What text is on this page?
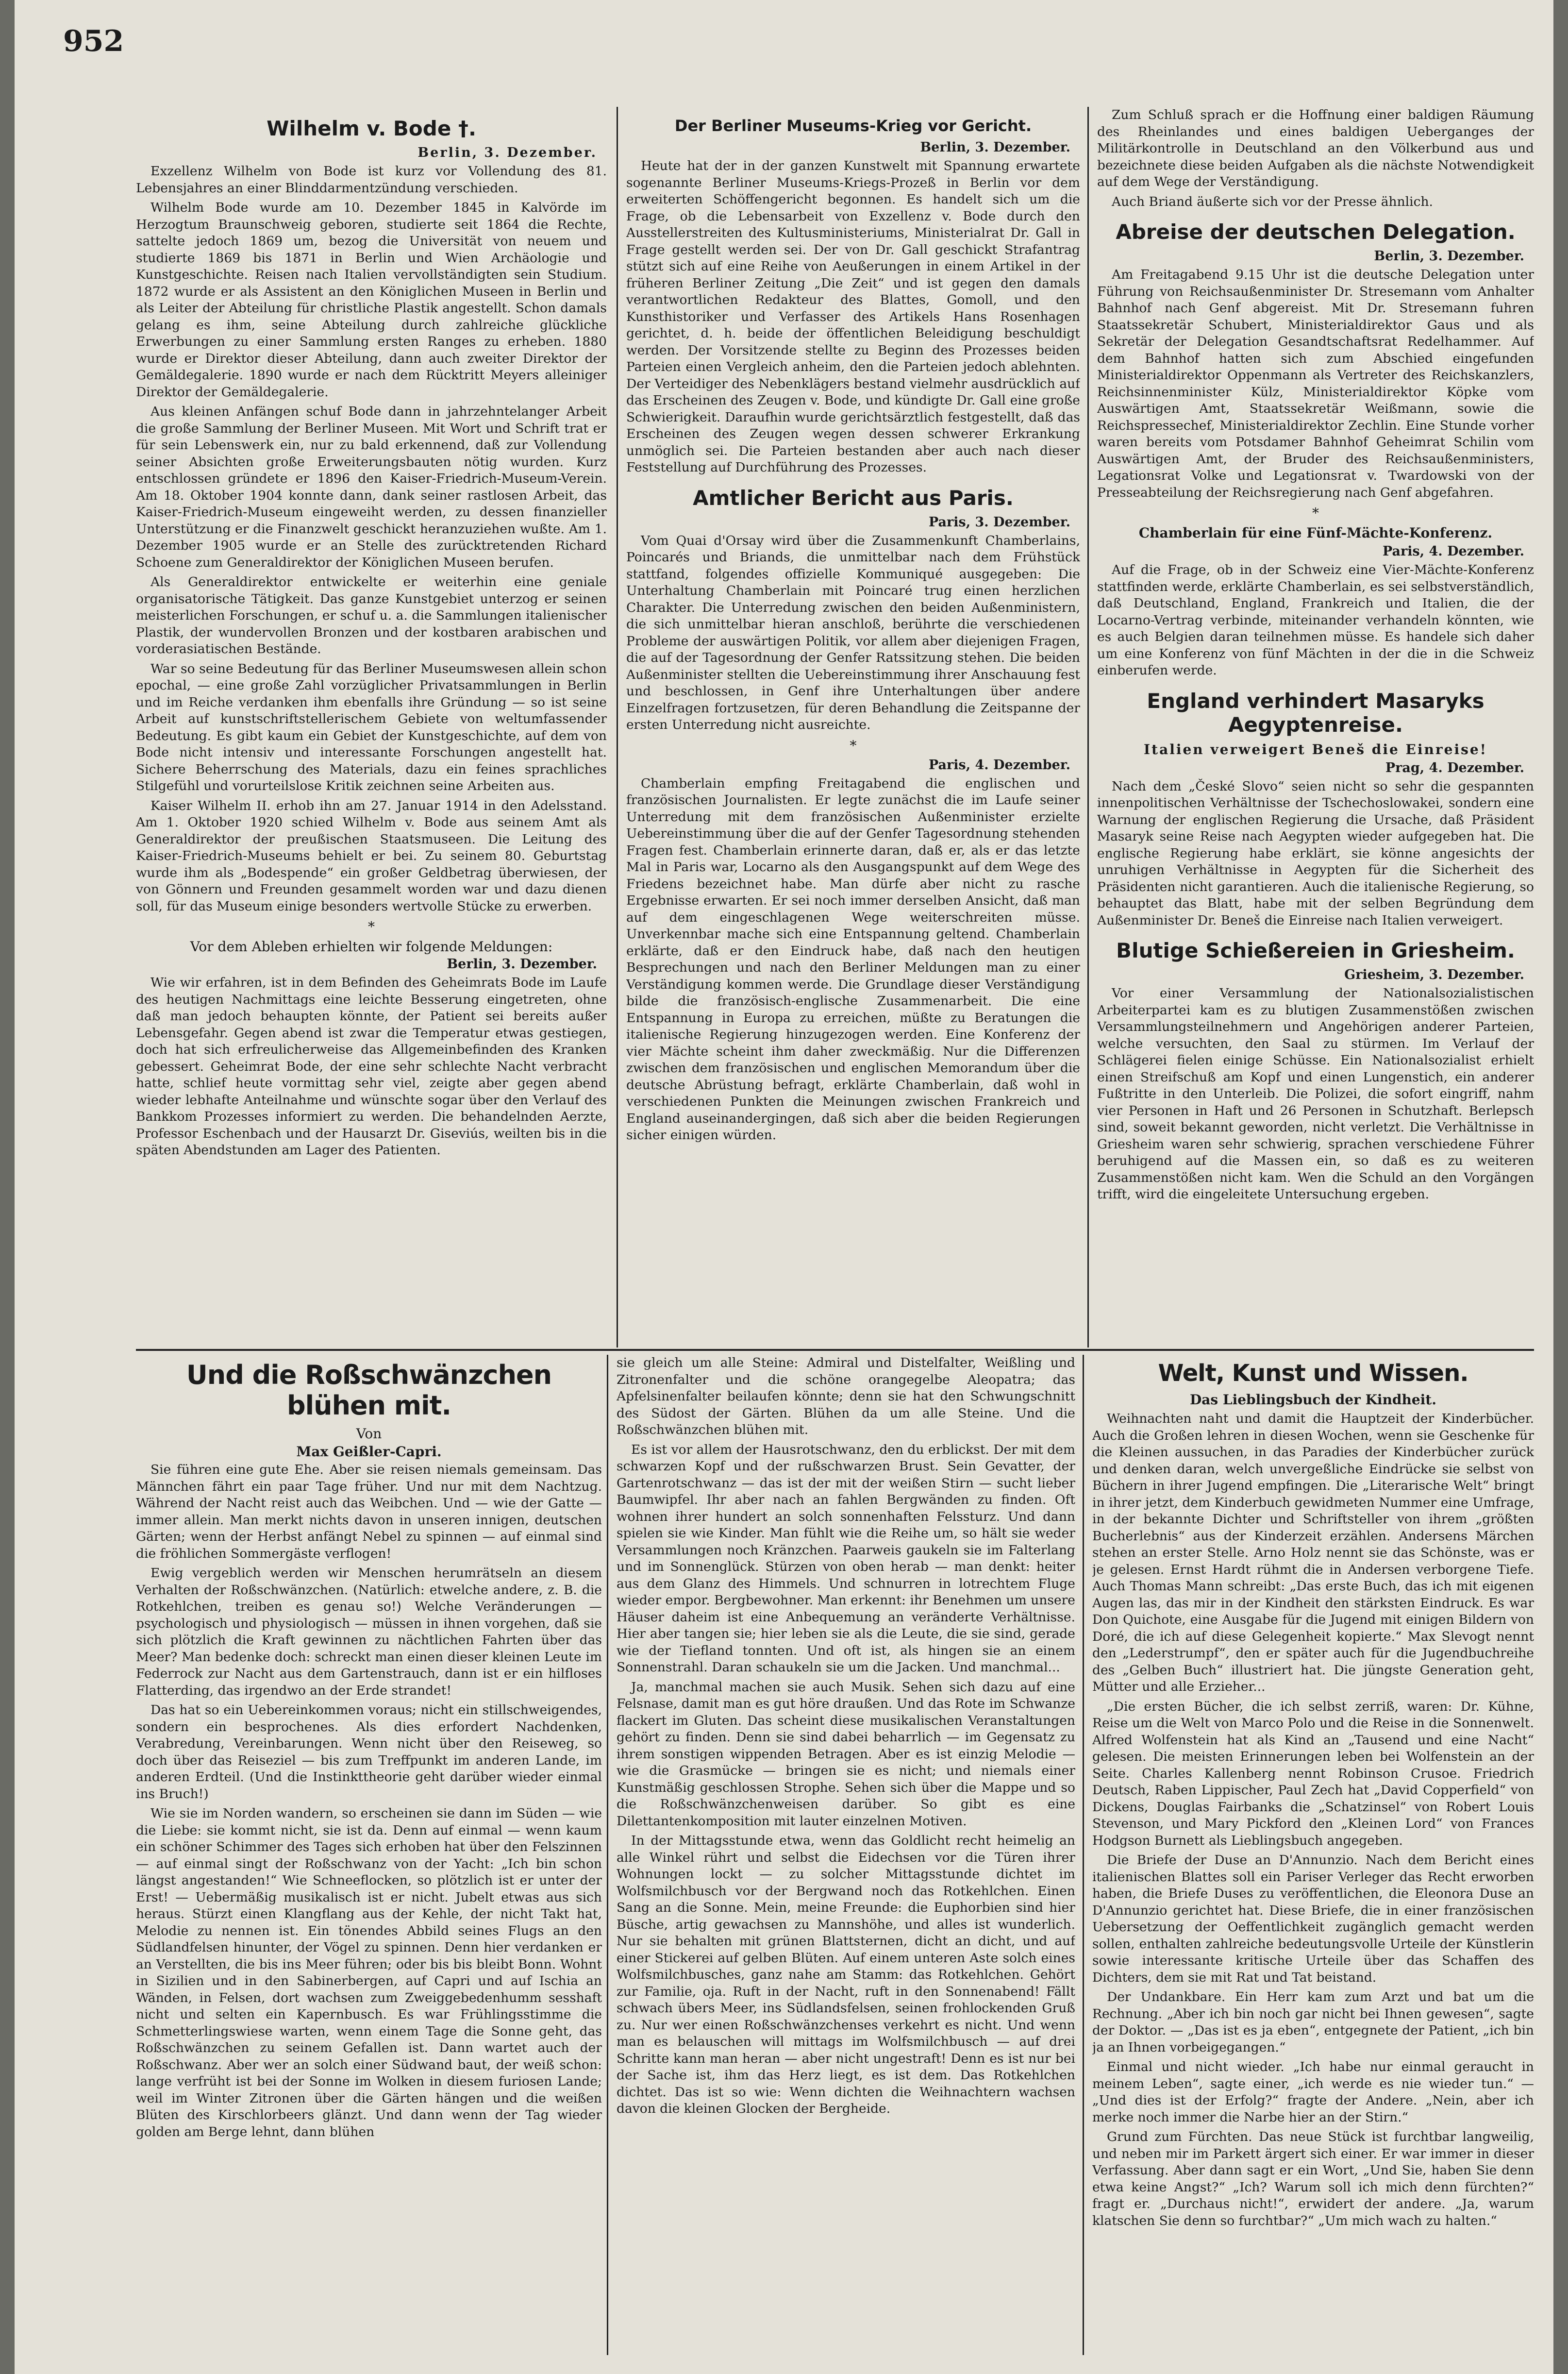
952
Wilhelm v. Bode †.
Berlin, 3. Dezember.

Exzellenz Wilhelm von Bode ist kurz vor Vollendung des 81. Lebensjahres an einer Blinddarmentzündung verschieden.

Wilhelm Bode wurde am 10. Dezember 1845 in Kalvörde im Herzogtum Braunschweig geboren, studierte seit 1864 die Rechte, sattelte jedoch 1869 um, bezog die Universität von neuem und studierte 1869 bis 1871 in Berlin und Wien Archäologie und Kunstgeschichte. Reisen nach Italien vervollständigten sein Studium. 1872 wurde er als Assistent an den Königlichen Museen in Berlin und als Leiter der Abteilung für christliche Plastik angestellt. Schon damals gelang es ihm, seine Abteilung durch zahlreiche glückliche Erwerbungen zu einer Sammlung ersten Ranges zu erheben. 1880 wurde er Direktor dieser Abteilung, dann auch zweiter Direktor der Gemäldegalerie. 1890 wurde er nach dem Rücktritt Meyers alleiniger Direktor der Gemäldegalerie.

Aus kleinen Anfängen schuf Bode dann in jahrzehntelanger Arbeit die große Sammlung der Berliner Museen. Mit Wort und Schrift trat er für sein Lebenswerk ein, nur zu bald erkennend, daß zur Vollendung seiner Absichten große Erweiterungsbauten nötig wurden. Kurz entschlossen gründete er 1896 den Kaiser-Friedrich-Museum-Verein. Am 18. Oktober 1904 konnte dann, dank seiner rastlosen Arbeit, das Kaiser-Friedrich-Museum eingeweiht werden, zu dessen finanzieller Unterstützung er die Finanzwelt geschickt heranzuziehen wußte. Am 1. Dezember 1905 wurde er an Stelle des zurücktretenden Richard Schoene zum Generaldirektor der Königlichen Museen berufen.

Als Generaldirektor entwickelte er weiterhin eine geniale organisatorische Tätigkeit. Das ganze Kunstgebiet unterzog er seinen meisterlichen Forschungen, er schuf u. a. die Sammlungen italienischer Plastik, der wundervollen Bronzen und der kostbaren arabischen und vorderasiatischen Bestände.

War so seine Bedeutung für das Berliner Museumswesen allein schon epochal, — eine große Zahl vorzüglicher Privatsammlungen in Berlin und im Reiche verdanken ihm ebenfalls ihre Gründung — so ist seine Arbeit auf kunstschriftstellerischem Gebiete von weltumfassender Bedeutung. Es gibt kaum ein Gebiet der Kunstgeschichte, auf dem von Bode nicht intensiv und interessante Forschungen angestellt hat. Sichere Beherrschung des Materials, dazu ein feines sprachliches Stilgefühl und vorurteilslose Kritik zeichnen seine Arbeiten aus.

Kaiser Wilhelm II. erhob ihn am 27. Januar 1914 in den Adelsstand. Am 1. Oktober 1920 schied Wilhelm v. Bode aus seinem Amt als Generaldirektor der preußischen Staatsmuseen. Die Leitung des Kaiser-Friedrich-Museums behielt er bei. Zu seinem 80. Geburtstag wurde ihm als „Bodespende“ ein großer Geldbetrag überwiesen, der von Gönnern und Freunden gesammelt worden war und dazu dienen soll, für das Museum einige besonders wertvolle Stücke zu erwerben.

*
Vor dem Ableben erhielten wir folgende Meldungen:
Berlin, 3. Dezember.

Wie wir erfahren, ist in dem Befinden des Geheimrats Bode im Laufe des heutigen Nachmittags eine leichte Besserung eingetreten, ohne daß man jedoch behaupten könnte, der Patient sei bereits außer Lebensgefahr. Gegen abend ist zwar die Temperatur etwas gestiegen, doch hat sich erfreulicherweise das Allgemeinbefinden des Kranken gebessert. Geheimrat Bode, der eine sehr schlechte Nacht verbracht hatte, schlief heute vormittag sehr viel, zeigte aber gegen abend wieder lebhafte Anteilnahme und wünschte sogar über den Verlauf des Bankkom Prozesses informiert zu werden. Die behandelnden Aerzte, Professor Eschenbach und der Hausarzt Dr. Giseviús, weilten bis in die späten Abendstunden am Lager des Patienten.

Der Berliner Museums-Krieg vor Gericht.
Berlin, 3. Dezember.

Heute hat der in der ganzen Kunstwelt mit Spannung erwartete sogenannte Berliner Museums-Kriegs-Prozeß in Berlin vor dem erweiterten Schöffengericht begonnen. Es handelt sich um die Frage, ob die Lebensarbeit von Exzellenz v. Bode durch den Ausstellerstreiten des Kultusministeriums, Ministerialrat Dr. Gall in Frage gestellt werden sei. Der von Dr. Gall geschickt Strafantrag stützt sich auf eine Reihe von Aeußerungen in einem Artikel in der früheren Berliner Zeitung „Die Zeit“ und ist gegen den damals verantwortlichen Redakteur des Blattes, Gomoll, und den Kunsthistoriker und Verfasser des Artikels Hans Rosenhagen gerichtet, d. h. beide der öffentlichen Beleidigung beschuldigt werden. Der Vorsitzende stellte zu Beginn des Prozesses beiden Parteien einen Vergleich anheim, den die Parteien jedoch ablehnten. Der Verteidiger des Nebenklägers bestand vielmehr ausdrücklich auf das Erscheinen des Zeugen v. Bode, und kündigte Dr. Gall eine große Schwierigkeit. Daraufhin wurde gerichtsärztlich festgestellt, daß das Erscheinen des Zeugen wegen dessen schwerer Erkrankung unmöglich sei. Die Parteien bestanden aber auch nach dieser Feststellung auf Durchführung des Prozesses.

Amtlicher Bericht aus Paris.
Paris, 3. Dezember.

Vom Quai d'Orsay wird über die Zusammenkunft Chamberlains, Poincarés und Briands, die unmittelbar nach dem Frühstück stattfand, folgendes offizielle Kommuniqué ausgegeben: Die Unterhaltung Chamberlain mit Poincaré trug einen herzlichen Charakter. Die Unterredung zwischen den beiden Außenministern, die sich unmittelbar hieran anschloß, berührte die verschiedenen Probleme der auswärtigen Politik, vor allem aber diejenigen Fragen, die auf der Tagesordnung der Genfer Ratssitzung stehen. Die beiden Außenminister stellten die Uebereinstimmung ihrer Anschauung fest und beschlossen, in Genf ihre Unterhaltungen über andere Einzelfragen fortzusetzen, für deren Behandlung die Zeitspanne der ersten Unterredung nicht ausreichte.

*
Paris, 4. Dezember.

Chamberlain empfing Freitagabend die englischen und französischen Journalisten. Er legte zunächst die im Laufe seiner Unterredung mit dem französischen Außenminister erzielte Uebereinstimmung über die auf der Genfer Tagesordnung stehenden Fragen fest. Chamberlain erinnerte daran, daß er, als er das letzte Mal in Paris war, Locarno als den Ausgangspunkt auf dem Wege des Friedens bezeichnet habe. Man dürfe aber nicht zu rasche Ergebnisse erwarten. Er sei noch immer derselben Ansicht, daß man auf dem eingeschlagenen Wege weiterschreiten müsse. Unverkennbar mache sich eine Entspannung geltend. Chamberlain erklärte, daß er den Eindruck habe, daß nach den heutigen Besprechungen und nach den Berliner Meldungen man zu einer Verständigung kommen werde. Die Grundlage dieser Verständigung bilde die französisch-englische Zusammenarbeit. Die eine Entspannung in Europa zu erreichen, müßte zu Beratungen die italienische Regierung hinzugezogen werden. Eine Konferenz der vier Mächte scheint ihm daher zweckmäßig. Nur die Differenzen zwischen dem französischen und englischen Memorandum über die deutsche Abrüstung befragt, erklärte Chamberlain, daß wohl in verschiedenen Punkten die Meinungen zwischen Frankreich und England auseinandergingen, daß sich aber die beiden Regierungen sicher einigen würden.

Zum Schluß sprach er die Hoffnung einer baldigen Räumung des Rheinlandes und eines baldigen Ueberganges der Militärkontrolle in Deutschland an den Völkerbund aus und bezeichnete diese beiden Aufgaben als die nächste Notwendigkeit auf dem Wege der Verständigung.

Auch Briand äußerte sich vor der Presse ähnlich.

Abreise der deutschen Delegation.
Berlin, 3. Dezember.

Am Freitagabend 9.15 Uhr ist die deutsche Delegation unter Führung von Reichsaußenminister Dr. Stresemann vom Anhalter Bahnhof nach Genf abgereist. Mit Dr. Stresemann fuhren Staatssekretär Schubert, Ministerialdirektor Gaus und als Sekretär der Delegation Gesandtschaftsrat Redelhammer. Auf dem Bahnhof hatten sich zum Abschied eingefunden Ministerialdirektor Oppenmann als Vertreter des Reichskanzlers, Reichsinnenminister Külz, Ministerialdirektor Köpke vom Auswärtigen Amt, Staatssekretär Weißmann, sowie die Reichspressechef, Ministerialdirektor Zechlin. Eine Stunde vorher waren bereits vom Potsdamer Bahnhof Geheimrat Schilin vom Auswärtigen Amt, der Bruder des Reichsaußenministers, Legationsrat Volke und Legationsrat v. Twardowski von der Presseabteilung der Reichsregierung nach Genf abgefahren.

*
Chamberlain für eine Fünf-Mächte-Konferenz.
Paris, 4. Dezember.

Auf die Frage, ob in der Schweiz eine Vier-Mächte-Konferenz stattfinden werde, erklärte Chamberlain, es sei selbstverständlich, daß Deutschland, England, Frankreich und Italien, die der Locarno-Vertrag verbinde, miteinander verhandeln könnten, wie es auch Belgien daran teilnehmen müsse. Es handele sich daher um eine Konferenz von fünf Mächten in der die in die Schweiz einberufen werde.

England verhindert Masaryks Aegyptenreise.
Italien verweigert Beneš die Einreise!
Prag, 4. Dezember.

Nach dem „České Slovo“ seien nicht so sehr die gespannten innenpolitischen Verhältnisse der Tschechoslowakei, sondern eine Warnung der englischen Regierung die Ursache, daß Präsident Masaryk seine Reise nach Aegypten wieder aufgegeben hat. Die englische Regierung habe erklärt, sie könne angesichts der unruhigen Verhältnisse in Aegypten für die Sicherheit des Präsidenten nicht garantieren. Auch die italienische Regierung, so behauptet das Blatt, habe mit der selben Begründung dem Außenminister Dr. Beneš die Einreise nach Italien verweigert.

Blutige Schießereien in Griesheim.
Griesheim, 3. Dezember.

Vor einer Versammlung der Nationalsozialistischen Arbeiterpartei kam es zu blutigen Zusammenstößen zwischen Versammlungsteilnehmern und Angehörigen anderer Parteien, welche versuchten, den Saal zu stürmen. Im Verlauf der Schlägerei fielen einige Schüsse. Ein Nationalsozialist erhielt einen Streifschuß am Kopf und einen Lungenstich, ein anderer Fußtritte in den Unterleib. Die Polizei, die sofort eingriff, nahm vier Personen in Haft und 26 Personen in Schutzhaft. Berlepsch sind, soweit bekannt geworden, nicht verletzt. Die Verhältnisse in Griesheim waren sehr schwierig, sprachen verschiedene Führer beruhigend auf die Massen ein, so daß es zu weiteren Zusammenstößen nicht kam. Wen die Schuld an den Vorgängen trifft, wird die eingeleitete Untersuchung ergeben.

Und die Roßschwänzchen blühen mit.
Von
Max Geißler-Capri.

Sie führen eine gute Ehe. Aber sie reisen niemals gemeinsam. Das Männchen fährt ein paar Tage früher. Und nur mit dem Nachtzug. Während der Nacht reist auch das Weibchen. Und — wie der Gatte — immer allein. Man merkt nichts davon in unseren innigen, deutschen Gärten; wenn der Herbst anfängt Nebel zu spinnen — auf einmal sind die fröhlichen Sommergäste verflogen!

Ewig vergeblich werden wir Menschen herumrätseln an diesem Verhalten der Roßschwänzchen. (Natürlich: etwelche andere, z. B. die Rotkehlchen, treiben es genau so!) Welche Veränderungen — psychologisch und physiologisch — müssen in ihnen vorgehen, daß sie sich plötzlich die Kraft gewinnen zu nächtlichen Fahrten über das Meer? Man bedenke doch: schreckt man einen dieser kleinen Leute im Federrock zur Nacht aus dem Gartenstrauch, dann ist er ein hilfloses Flatterding, das irgendwo an der Erde strandet!

Das hat so ein Uebereinkommen voraus; nicht ein stillschweigendes, sondern ein besprochenes. Als dies erfordert Nachdenken, Verabredung, Vereinbarungen. Wenn nicht über den Reiseweg, so doch über das Reiseziel — bis zum Treffpunkt im anderen Lande, im anderen Erdteil. (Und die Instinkttheorie geht darüber wieder einmal ins Bruch!)

Wie sie im Norden wandern, so erscheinen sie dann im Süden — wie die Liebe: sie kommt nicht, sie ist da. Denn auf einmal — wenn kaum ein schöner Schimmer des Tages sich erhoben hat über den Felszinnen — auf einmal singt der Roßschwanz von der Yacht: „Ich bin schon längst angestanden!“ Wie Schneeflocken, so plötzlich ist er unter der Erst! — Uebermäßig musikalisch ist er nicht. Jubelt etwas aus sich heraus. Stürzt einen Klangflang aus der Kehle, der nicht Takt hat, Melodie zu nennen ist. Ein tönendes Abbild seines Flugs an den Südlandfelsen hinunter, der Vögel zu spinnen. Denn hier verdanken er an Verstellten, die bis ins Meer führen; oder bis bis bleibt Bonn. Wohnt in Sizilien und in den Sabinerbergen, auf Capri und auf Ischia an Wänden, in Felsen, dort wachsen zum Zweiggebedenhumm sesshaft nicht und selten ein Kapernbusch. Es war Frühlingsstimme die Schmetterlingswiese warten, wenn einem Tage die Sonne geht, das Roßschwänzchen zu seinem Gefallen ist. Dann wartet auch der Roßschwanz. Aber wer an solch einer Südwand baut, der weiß schon: lange verfrüht ist bei der Sonne im Wolken in diesem furiosen Lande; weil im Winter Zitronen über die Gärten hängen und die weißen Blüten des Kirschlorbeers glänzt. Und dann wenn der Tag wieder golden am Berge lehnt, dann blühen

sie gleich um alle Steine: Admiral und Distelfalter, Weißling und Zitronenfalter und die schöne orangegelbe Aleopatra; das Apfelsinenfalter beilaufen könnte; denn sie hat den Schwungschnitt des Südost der Gärten. Blühen da um alle Steine. Und die Roßschwänzchen blühen mit.

Es ist vor allem der Hausrotschwanz, den du erblickst. Der mit dem schwarzen Kopf und der rußschwarzen Brust. Sein Gevatter, der Gartenrotschwanz — das ist der mit der weißen Stirn — sucht lieber Baumwipfel. Ihr aber nach an fahlen Bergwänden zu finden. Oft wohnen ihrer hundert an solch sonnenhaften Felssturz. Und dann spielen sie wie Kinder. Man fühlt wie die Reihe um, so hält sie weder Versammlungen noch Kränzchen. Paarweis gaukeln sie im Falterlang und im Sonnenglück. Stürzen von oben herab — man denkt: heiter aus dem Glanz des Himmels. Und schnurren in lotrechtem Fluge wieder empor. Bergbewohner. Man erkennt: ihr Benehmen um unsere Häuser daheim ist eine Anbequemung an veränderte Verhältnisse. Hier aber tangen sie; hier leben sie als die Leute, die sie sind, gerade wie der Tiefland tonnten. Und oft ist, als hingen sie an einem Sonnenstrahl. Daran schaukeln sie um die Jacken. Und manchmal...

Ja, manchmal machen sie auch Musik. Sehen sich dazu auf eine Felsnase, damit man es gut höre draußen. Und das Rote im Schwanze flackert im Gluten. Das scheint diese musikalischen Veranstaltungen gehört zu finden. Denn sie sind dabei beharrlich — im Gegensatz zu ihrem sonstigen wippenden Betragen. Aber es ist einzig Melodie — wie die Grasmücke — bringen sie es nicht; und niemals einer Kunstmäßig geschlossen Strophe. Sehen sich über die Mappe und so die Roßschwänzchenweisen darüber. So gibt es eine Dilettantenkomposition mit lauter einzelnen Motiven.

In der Mittagsstunde etwa, wenn das Goldlicht recht heimelig an alle Winkel rührt und selbst die Eidechsen vor die Türen ihrer Wohnungen lockt — zu solcher Mittagsstunde dichtet im Wolfsmilchbusch vor der Bergwand noch das Rotkehlchen. Einen Sang an die Sonne. Mein, meine Freunde: die Euphorbien sind hier Büsche, artig gewachsen zu Mannshöhe, und alles ist wunderlich. Nur sie behalten mit grünen Blattsternen, dicht an dicht, und auf einer Stickerei auf gelben Blüten. Auf einem unteren Aste solch eines Wolfsmilchbusches, ganz nahe am Stamm: das Rotkehlchen. Gehört zur Familie, oja. Ruft in der Nacht, ruft in den Sonnenabend! Fällt schwach übers Meer, ins Südlandsfelsen, seinen frohlockenden Gruß zu. Nur wer einen Roßschwänzchenses verkehrt es nicht. Und wenn man es belauschen will mittags im Wolfsmilchbusch — auf drei Schritte kann man heran — aber nicht ungestraft! Denn es ist nur bei der Sache ist, ihm das Herz liegt, es ist dem. Das Rotkehlchen dichtet. Das ist so wie: Wenn dichten die Weihnachtern wachsen davon die kleinen Glocken der Bergheide.

Welt, Kunst und Wissen.
Das Lieblingsbuch der Kindheit.

Weihnachten naht und damit die Hauptzeit der Kinderbücher. Auch die Großen lehren in diesen Wochen, wenn sie Geschenke für die Kleinen aussuchen, in das Paradies der Kinderbücher zurück und denken daran, welch unvergeßliche Eindrücke sie selbst von Büchern in ihrer Jugend empfingen. Die „Literarische Welt“ bringt in ihrer jetzt, dem Kinderbuch gewidmeten Nummer eine Umfrage, in der bekannte Dichter und Schriftsteller von ihrem „größten Bucherlebnis“ aus der Kinderzeit erzählen. Andersens Märchen stehen an erster Stelle. Arno Holz nennt sie das Schönste, was er je gelesen. Ernst Hardt rühmt die in Andersen verborgene Tiefe. Auch Thomas Mann schreibt: „Das erste Buch, das ich mit eigenen Augen las, das mir in der Kindheit den stärksten Eindruck. Es war Don Quichote, eine Ausgabe für die Jugend mit einigen Bildern von Doré, die ich auf diese Gelegenheit kopierte.“ Max Slevogt nennt den „Lederstrumpf“, den er später auch für die Jugendbuchreihe des „Gelben Buch“ illustriert hat. Die jüngste Generation geht, Mütter und alle Erzieher...

„Die ersten Bücher, die ich selbst zerriß, waren: Dr. Kühne, Reise um die Welt von Marco Polo und die Reise in die Sonnenwelt. Alfred Wolfenstein hat als Kind an „Tausend und eine Nacht“ gelesen. Die meisten Erinnerungen leben bei Wolfenstein an der Seite. Charles Kallenberg nennt Robinson Crusoe. Friedrich Deutsch, Raben Lippischer, Paul Zech hat „David Copperfield“ von Dickens, Douglas Fairbanks die „Schatzinsel“ von Robert Louis Stevenson, und Mary Pickford den „Kleinen Lord“ von Frances Hodgson Burnett als Lieblingsbuch angegeben.

Die Briefe der Duse an D'Annunzio. Nach dem Bericht eines italienischen Blattes soll ein Pariser Verleger das Recht erworben haben, die Briefe Duses zu veröffentlichen, die Eleonora Duse an D'Annunzio gerichtet hat. Diese Briefe, die in einer französischen Uebersetzung der Oeffentlichkeit zugänglich gemacht werden sollen, enthalten zahlreiche bedeutungsvolle Urteile der Künstlerin sowie interessante kritische Urteile über das Schaffen des Dichters, dem sie mit Rat und Tat beistand.

Der Undankbare. Ein Herr kam zum Arzt und bat um die Rechnung. „Aber ich bin noch gar nicht bei Ihnen gewesen“, sagte der Doktor. — „Das ist es ja eben“, entgegnete der Patient, „ich bin ja an Ihnen vorbeigegangen.“

Einmal und nicht wieder. „Ich habe nur einmal geraucht in meinem Leben“, sagte einer, „ich werde es nie wieder tun.“ — „Und dies ist der Erfolg?“ fragte der Andere. „Nein, aber ich merke noch immer die Narbe hier an der Stirn.“

Grund zum Fürchten. Das neue Stück ist furchtbar langweilig, und neben mir im Parkett ärgert sich einer. Er war immer in dieser Verfassung. Aber dann sagt er ein Wort, „Und Sie, haben Sie denn etwa keine Angst?“ „Ich? Warum soll ich mich denn fürchten?“ fragt er. „Durchaus nicht!“, erwidert der andere. „Ja, warum klatschen Sie denn so furchtbar?“ „Um mich wach zu halten.“
